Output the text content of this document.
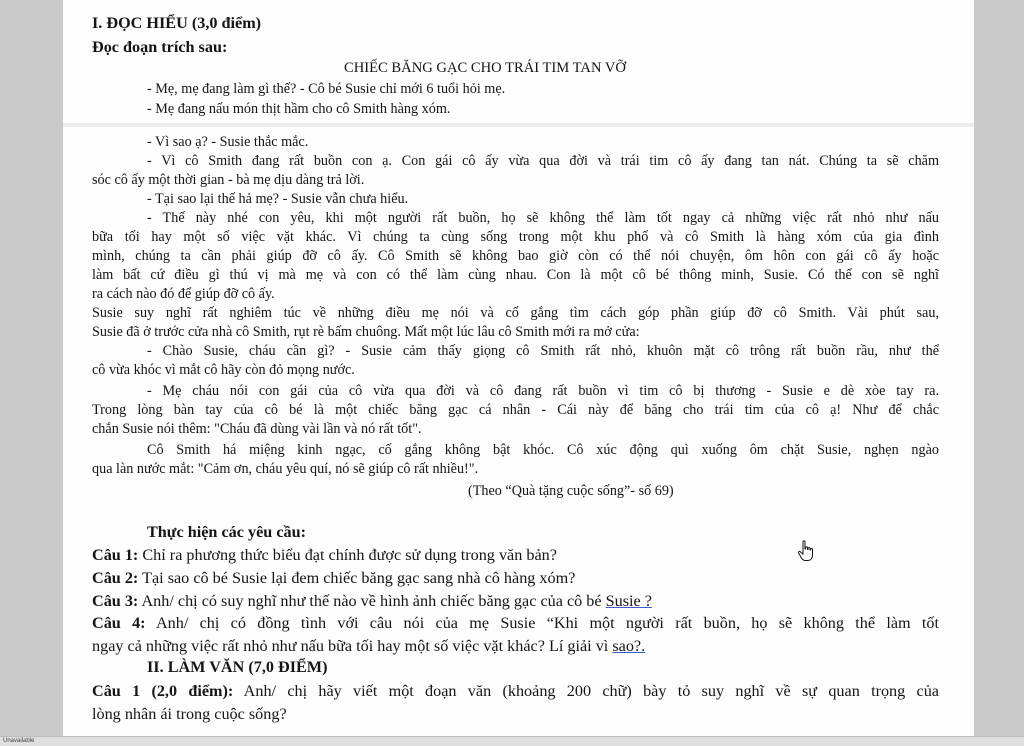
I. ĐỌC HIỂU (3,0 điểm)
Đọc đoạn trích sau:
CHIẾC BĂNG GẠC CHO TRÁI TIM TAN VỠ
- Mẹ, mẹ đang làm gì thế? - Cô bé Susie chỉ mới 6 tuổi hỏi mẹ.
- Mẹ đang nấu món thịt hầm cho cô Smith hàng xóm.
- Vì sao ạ? - Susie thắc mắc.
- Vì cô Smith đang rất buồn con ạ. Con gái cô ấy vừa qua đời và trái tim cô ấy đang tan nát. Chúng ta sẽ chăm
sóc cô ấy một thời gian - bà mẹ dịu dàng trả lời.
- Tại sao lại thế hả mẹ? - Susie vẫn chưa hiểu.
- Thế này nhé con yêu, khi một người rất buồn, họ sẽ không thể làm tốt ngay cả những việc rất nhỏ như nấu
bữa tối hay một số việc vặt khác. Vì chúng ta cùng sống trong một khu phố và cô Smith là hàng xóm của gia đình
mình, chúng ta cần phải giúp đỡ cô ấy. Cô Smith sẽ không bao giờ còn có thể nói chuyện, ôm hôn con gái cô ấy hoặc
làm bất cứ điều gì thú vị mà mẹ và con có thể làm cùng nhau. Con là một cô bé thông minh, Susie. Có thể con sẽ nghĩ
ra cách nào đó để giúp đỡ cô ấy.
Susie suy nghĩ rất nghiêm túc về những điều mẹ nói và cố gắng tìm cách góp phần giúp đỡ cô Smith. Vài phút sau,
Susie đã ở trước cửa nhà cô Smith, rụt rè bấm chuông. Mất một lúc lâu cô Smith mới ra mở cửa:
- Chào Susie, cháu cần gì? - Susie cảm thấy giọng cô Smith rất nhỏ, khuôn mặt cô trông rất buồn rầu, như thể
cô vừa khóc vì mắt cô hãy còn đỏ mọng nước.
- Mẹ cháu nói con gái của cô vừa qua đời và cô đang rất buồn vì tim cô bị thương - Susie e dè xòe tay ra.
Trong lòng bàn tay của cô bé là một chiếc băng gạc cá nhân - Cái này để băng cho trái tim của cô ạ! Như để chắc
chắn Susie nói thêm: "Cháu đã dùng vài lần và nó rất tốt".
Cô Smith há miệng kinh ngạc, cố gắng không bật khóc. Cô xúc động quì xuống ôm chặt Susie, nghẹn ngào
qua làn nước mắt: "Cảm ơn, cháu yêu quí, nó sẽ giúp cô rất nhiều!".
(Theo “Quà tặng cuộc sống”- số 69)
Thực hiện các yêu cầu:
Câu 1: Chỉ ra phương thức biểu đạt chính được sử dụng trong văn bản?
Câu 2: Tại sao cô bé Susie lại đem chiếc băng gạc sang nhà cô hàng xóm?
Câu 3: Anh/ chị có suy nghĩ như thế nào về hình ảnh chiếc băng gạc của cô bé Susie ?
Câu 4: Anh/ chị có đồng tình với câu nói của mẹ Susie “Khi một người rất buồn, họ sẽ không thể làm tốt
ngay cả những việc rất nhỏ như nấu bữa tối hay một số việc vặt khác? Lí giải vì sao?.
II. LÀM VĂN (7,0 ĐIỂM)
Câu 1 (2,0 điểm): Anh/ chị hãy viết một đoạn văn (khoảng 200 chữ) bày tỏ suy nghĩ về sự quan trọng của
lòng nhân ái trong cuộc sống?
Unavailable
